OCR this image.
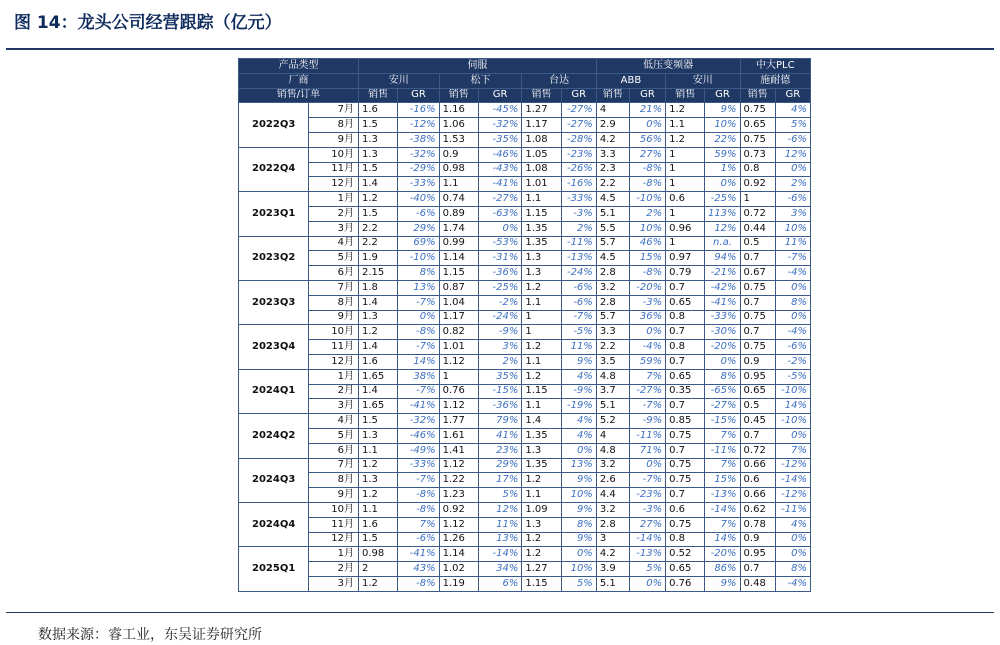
图 14：龙头公司经营跟踪（亿元）
产品类型		伺服						低压变频器				中大PLC	
厂商		安川		松下		台达		ABB		安川		施耐德	
销售/订单		销售	GR	销售	GR	销售	GR	销售	GR	销售	GR	销售	GR
2022Q3	7月	1.6	-16%	1.16	-45%	1.27	-27%	4	21%	1.2	9%	0.75	4%
	8月	1.5	-12%	1.06	-32%	1.17	-27%	2.9	0%	1.1	10%	0.65	5%
	9月	1.3	-38%	1.53	-35%	1.08	-28%	4.2	56%	1.2	22%	0.75	-6%
2022Q4	10月	1.3	-32%	0.9	-46%	1.05	-23%	3.3	27%	1	59%	0.73	12%
	11月	1.5	-29%	0.98	-43%	1.08	-26%	2.3	-8%	1	1%	0.8	0%
	12月	1.4	-33%	1.1	-41%	1.01	-16%	2.2	-8%	1	0%	0.92	2%
2023Q1	1月	1.2	-40%	0.74	-27%	1.1	-33%	4.5	-10%	0.6	-25%	1	-6%
	2月	1.5	-6%	0.89	-63%	1.15	-3%	5.1	2%	1	113%	0.72	3%
	3月	2.2	29%	1.74	0%	1.35	2%	5.5	10%	0.96	12%	0.44	10%
2023Q2	4月	2.2	69%	0.99	-53%	1.35	-11%	5.7	46%	1	n.a.	0.5	11%
	5月	1.9	-10%	1.14	-31%	1.3	-13%	4.5	15%	0.97	94%	0.7	-7%
	6月	2.15	8%	1.15	-36%	1.3	-24%	2.8	-8%	0.79	-21%	0.67	-4%
2023Q3	7月	1.8	13%	0.87	-25%	1.2	-6%	3.2	-20%	0.7	-42%	0.75	0%
	8月	1.4	-7%	1.04	-2%	1.1	-6%	2.8	-3%	0.65	-41%	0.7	8%
	9月	1.3	0%	1.17	-24%	1	-7%	5.7	36%	0.8	-33%	0.75	0%
2023Q4	10月	1.2	-8%	0.82	-9%	1	-5%	3.3	0%	0.7	-30%	0.7	-4%
	11月	1.4	-7%	1.01	3%	1.2	11%	2.2	-4%	0.8	-20%	0.75	-6%
	12月	1.6	14%	1.12	2%	1.1	9%	3.5	59%	0.7	0%	0.9	-2%
2024Q1	1月	1.65	38%	1	35%	1.2	4%	4.8	7%	0.65	8%	0.95	-5%
	2月	1.4	-7%	0.76	-15%	1.15	-9%	3.7	-27%	0.35	-65%	0.65	-10%
	3月	1.65	-41%	1.12	-36%	1.1	-19%	5.1	-7%	0.7	-27%	0.5	14%
2024Q2	4月	1.5	-32%	1.77	79%	1.4	4%	5.2	-9%	0.85	-15%	0.45	-10%
	5月	1.3	-46%	1.61	41%	1.35	4%	4	-11%	0.75	7%	0.7	0%
	6月	1.1	-49%	1.41	23%	1.3	0%	4.8	71%	0.7	-11%	0.72	7%
2024Q3	7月	1.2	-33%	1.12	29%	1.35	13%	3.2	0%	0.75	7%	0.66	-12%
	8月	1.3	-7%	1.22	17%	1.2	9%	2.6	-7%	0.75	15%	0.6	-14%
	9月	1.2	-8%	1.23	5%	1.1	10%	4.4	-23%	0.7	-13%	0.66	-12%
2024Q4	10月	1.1	-8%	0.92	12%	1.09	9%	3.2	-3%	0.6	-14%	0.62	-11%
	11月	1.6	7%	1.12	11%	1.3	8%	2.8	27%	0.75	7%	0.78	4%
	12月	1.5	-6%	1.26	13%	1.2	9%	3	-14%	0.8	14%	0.9	0%
2025Q1	1月	0.98	-41%	1.14	-14%	1.2	0%	4.2	-13%	0.52	-20%	0.95	0%
	2月	2	43%	1.02	34%	1.27	10%	3.9	5%	0.65	86%	0.7	8%
	3月	1.2	-8%	1.19	6%	1.15	5%	5.1	0%	0.76	9%	0.48	-4%
数据来源：睿工业，东吴证券研究所
